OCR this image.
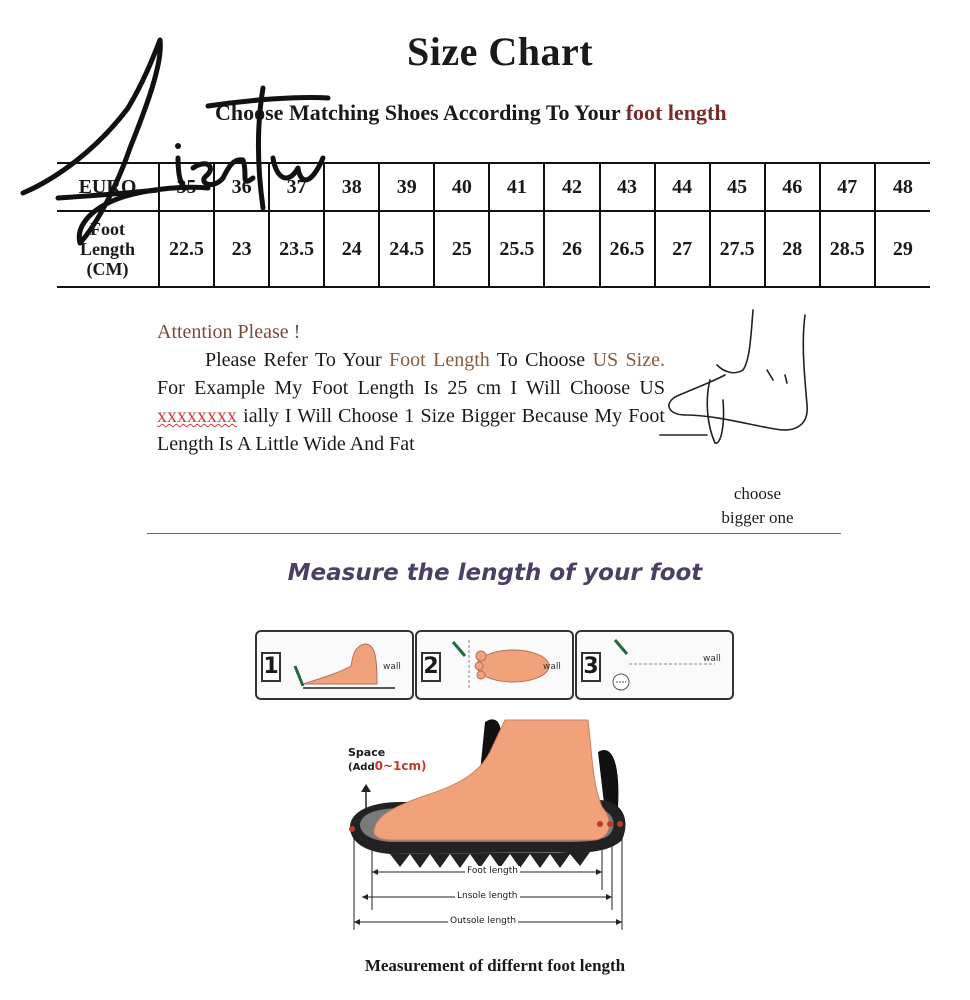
Size Chart
Choose Matching Shoes According To Your foot length
EURO	35	36	37	38	39	40	41	42	43	44	45	46	47	48
Foot
Length
(CM)	22.5	23	23.5	24	24.5	25	25.5	26	26.5	27	27.5	28	28.5	29
Attention Please !
Please Refer To Your Foot Length To Choose US Size. For Example My Foot Length Is 25 cm I Will Choose US xxxxxxxx ially I Will Choose 1 Size Bigger Because My Foot Length Is A Little Wide And Fat
choose
bigger one
Measure the length of your foot
1	wall 2	wall 3	wall
Space
(Add0~1cm)
Foot length
Lnsole length
Outsole length
Measurement of differnt foot length
